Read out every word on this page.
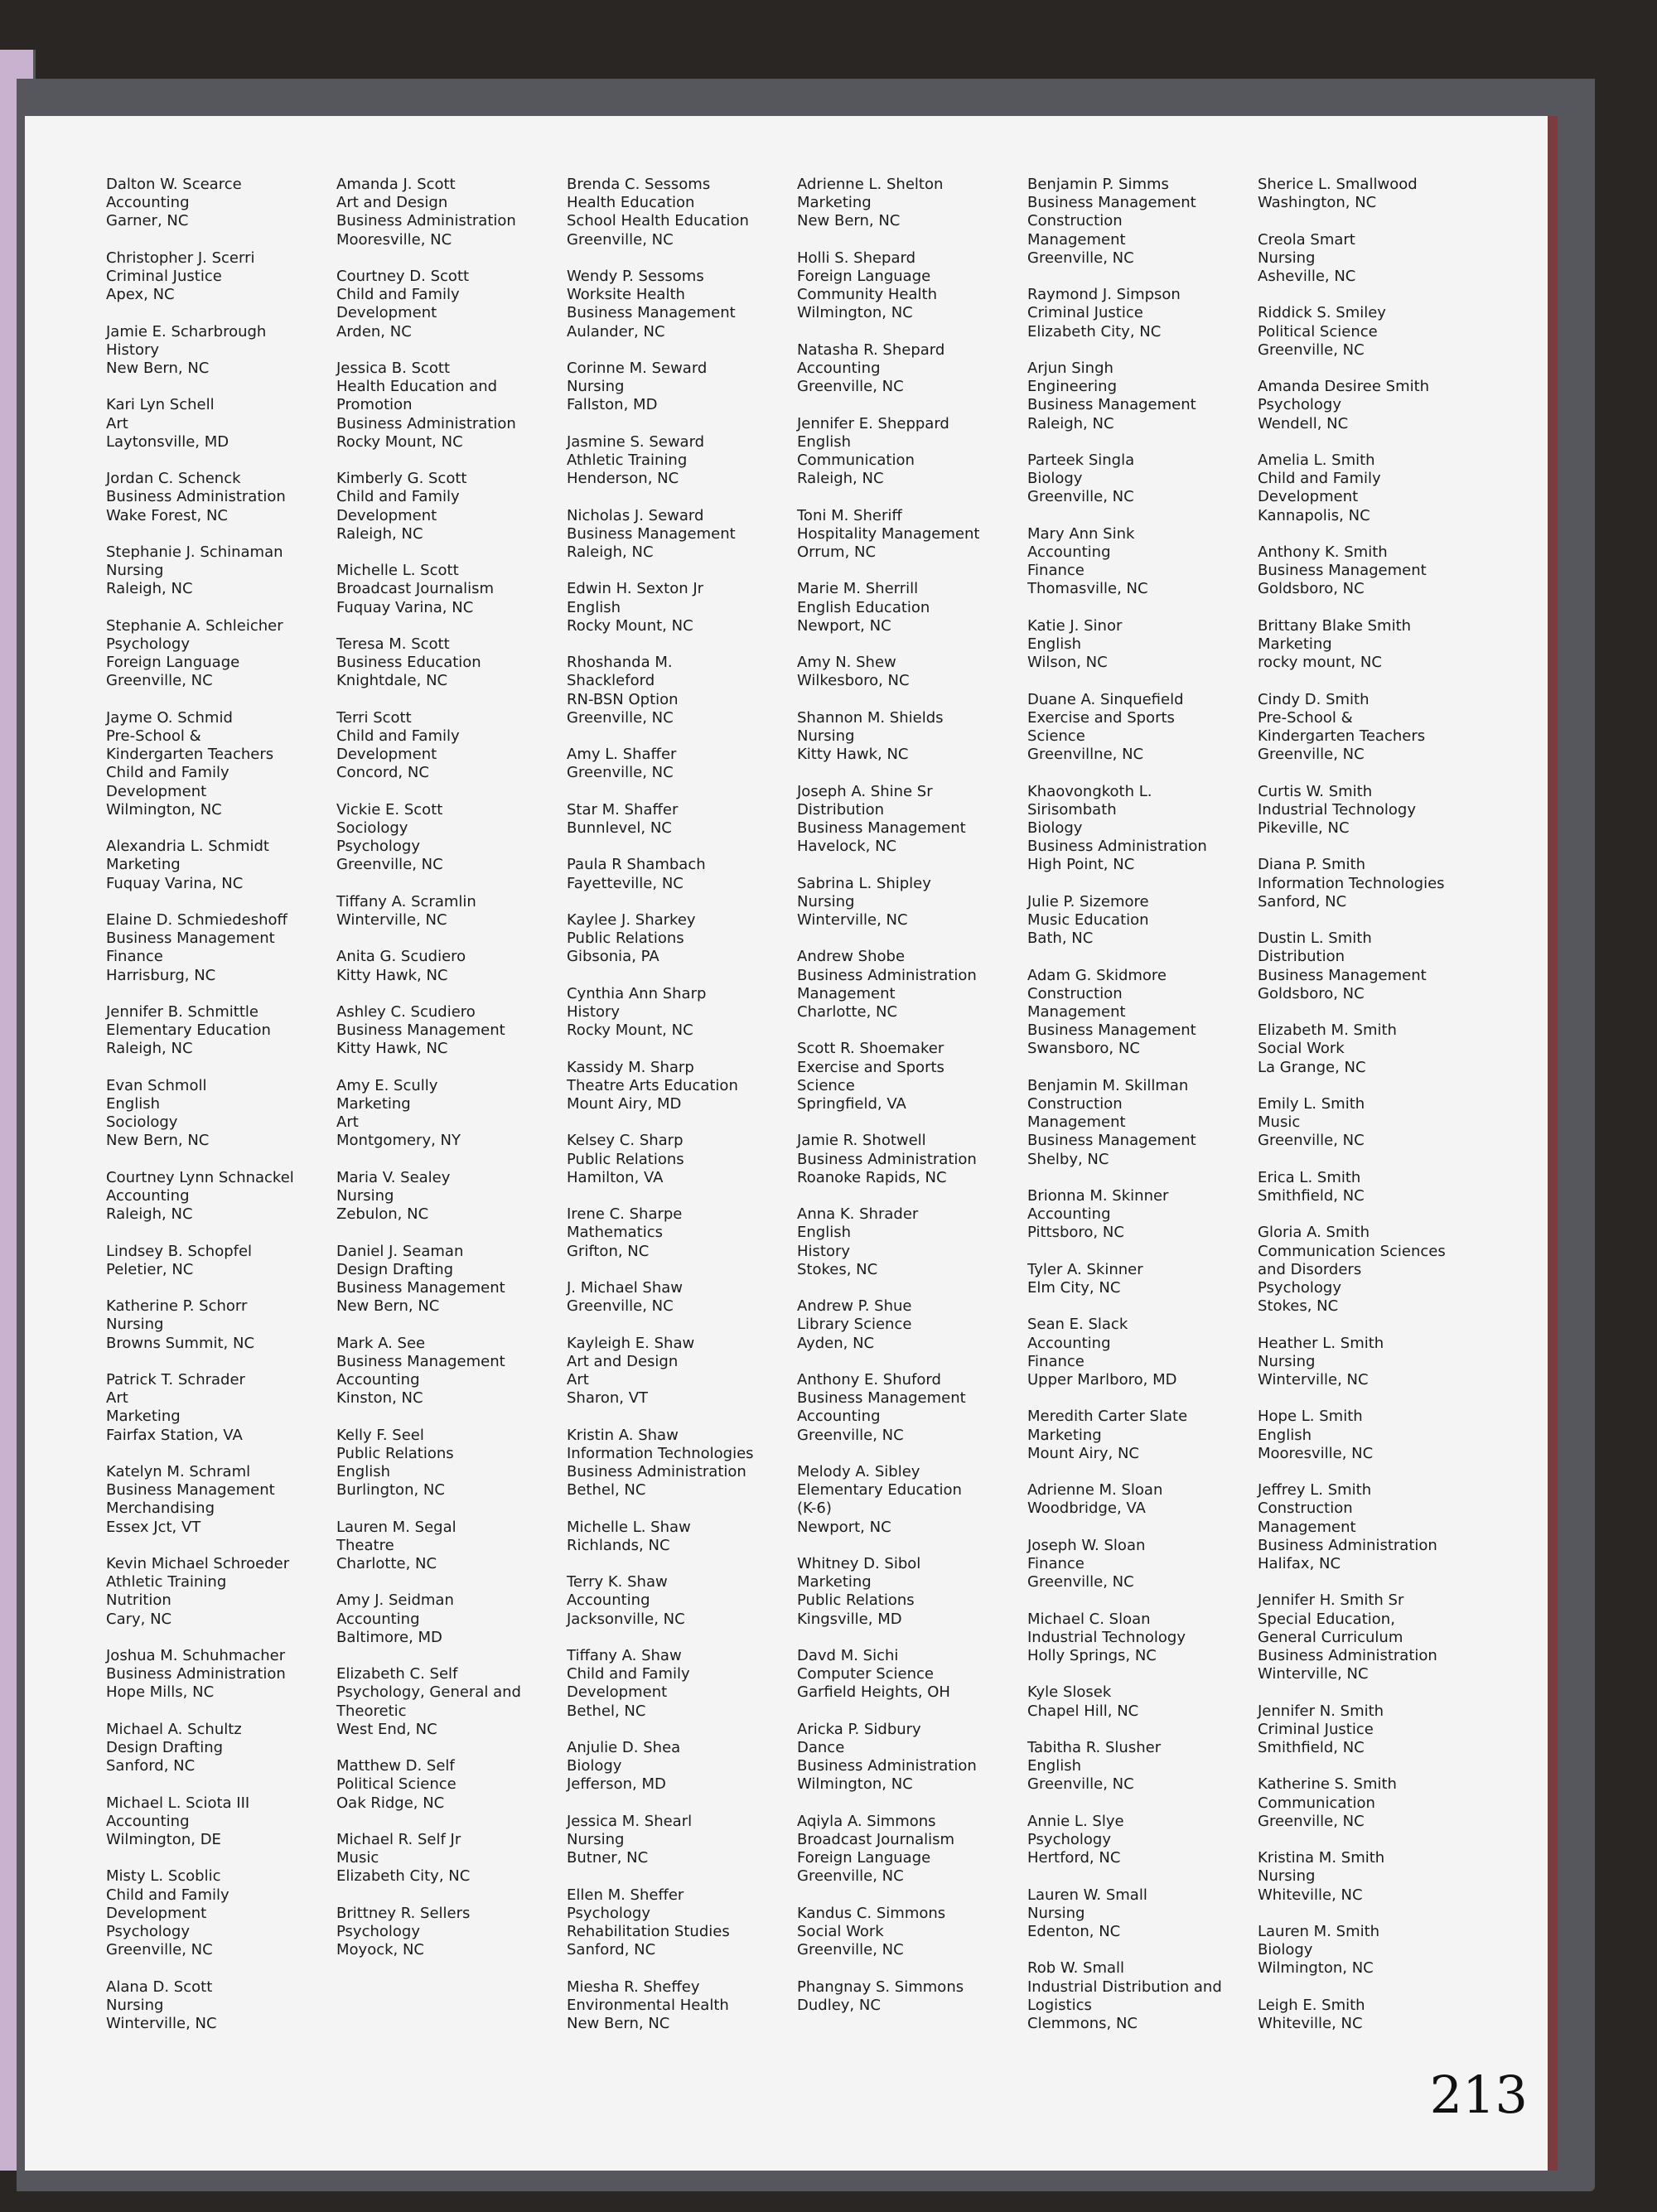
Dalton W. Scearce
Accounting
Garner, NC
Christopher J. Scerri
Criminal Justice
Apex, NC
Jamie E. Scharbrough
History
New Bern, NC
Kari Lyn Schell
Art
Laytonsville, MD
Jordan C. Schenck
Business Administration
Wake Forest, NC
Stephanie J. Schinaman
Nursing
Raleigh, NC
Stephanie A. Schleicher
Psychology
Foreign Language
Greenville, NC
Jayme O. Schmid
Pre-School &
Kindergarten Teachers
Child and Family
Development
Wilmington, NC
Alexandria L. Schmidt
Marketing
Fuquay Varina, NC
Elaine D. Schmiedeshoff
Business Management
Finance
Harrisburg, NC
Jennifer B. Schmittle
Elementary Education
Raleigh, NC
Evan Schmoll
English
Sociology
New Bern, NC
Courtney Lynn Schnackel
Accounting
Raleigh, NC
Lindsey B. Schopfel
Peletier, NC
Katherine P. Schorr
Nursing
Browns Summit, NC
Patrick T. Schrader
Art
Marketing
Fairfax Station, VA
Katelyn M. Schraml
Business Management
Merchandising
Essex Jct, VT
Kevin Michael Schroeder
Athletic Training
Nutrition
Cary, NC
Joshua M. Schuhmacher
Business Administration
Hope Mills, NC
Michael A. Schultz
Design Drafting
Sanford, NC
Michael L. Sciota III
Accounting
Wilmington, DE
Misty L. Scoblic
Child and Family
Development
Psychology
Greenville, NC
Alana D. Scott
Nursing
Winterville, NC
Amanda J. Scott
Art and Design
Business Administration
Mooresville, NC
Courtney D. Scott
Child and Family
Development
Arden, NC
Jessica B. Scott
Health Education and
Promotion
Business Administration
Rocky Mount, NC
Kimberly G. Scott
Child and Family
Development
Raleigh, NC
Michelle L. Scott
Broadcast Journalism
Fuquay Varina, NC
Teresa M. Scott
Business Education
Knightdale, NC
Terri Scott
Child and Family
Development
Concord, NC
Vickie E. Scott
Sociology
Psychology
Greenville, NC
Tiffany A. Scramlin
Winterville, NC
Anita G. Scudiero
Kitty Hawk, NC
Ashley C. Scudiero
Business Management
Kitty Hawk, NC
Amy E. Scully
Marketing
Art
Montgomery, NY
Maria V. Sealey
Nursing
Zebulon, NC
Daniel J. Seaman
Design Drafting
Business Management
New Bern, NC
Mark A. See
Business Management
Accounting
Kinston, NC
Kelly F. Seel
Public Relations
English
Burlington, NC
Lauren M. Segal
Theatre
Charlotte, NC
Amy J. Seidman
Accounting
Baltimore, MD
Elizabeth C. Self
Psychology, General and
Theoretic
West End, NC
Matthew D. Self
Political Science
Oak Ridge, NC
Michael R. Self Jr
Music
Elizabeth City, NC
Brittney R. Sellers
Psychology
Moyock, NC
Brenda C. Sessoms
Health Education
School Health Education
Greenville, NC
Wendy P. Sessoms
Worksite Health
Business Management
Aulander, NC
Corinne M. Seward
Nursing
Fallston, MD
Jasmine S. Seward
Athletic Training
Henderson, NC
Nicholas J. Seward
Business Management
Raleigh, NC
Edwin H. Sexton Jr
English
Rocky Mount, NC
Rhoshanda M.
Shackleford
RN-BSN Option
Greenville, NC
Amy L. Shaffer
Greenville, NC
Star M. Shaffer
Bunnlevel, NC
Paula R Shambach
Fayetteville, NC
Kaylee J. Sharkey
Public Relations
Gibsonia, PA
Cynthia Ann Sharp
History
Rocky Mount, NC
Kassidy M. Sharp
Theatre Arts Education
Mount Airy, MD
Kelsey C. Sharp
Public Relations
Hamilton, VA
Irene C. Sharpe
Mathematics
Grifton, NC
J. Michael Shaw
Greenville, NC
Kayleigh E. Shaw
Art and Design
Art
Sharon, VT
Kristin A. Shaw
Information Technologies
Business Administration
Bethel, NC
Michelle L. Shaw
Richlands, NC
Terry K. Shaw
Accounting
Jacksonville, NC
Tiffany A. Shaw
Child and Family
Development
Bethel, NC
Anjulie D. Shea
Biology
Jefferson, MD
Jessica M. Shearl
Nursing
Butner, NC
Ellen M. Sheffer
Psychology
Rehabilitation Studies
Sanford, NC
Miesha R. Sheffey
Environmental Health
New Bern, NC
Adrienne L. Shelton
Marketing
New Bern, NC
Holli S. Shepard
Foreign Language
Community Health
Wilmington, NC
Natasha R. Shepard
Accounting
Greenville, NC
Jennifer E. Sheppard
English
Communication
Raleigh, NC
Toni M. Sheriff
Hospitality Management
Orrum, NC
Marie M. Sherrill
English Education
Newport, NC
Amy N. Shew
Wilkesboro, NC
Shannon M. Shields
Nursing
Kitty Hawk, NC
Joseph A. Shine Sr
Distribution
Business Management
Havelock, NC
Sabrina L. Shipley
Nursing
Winterville, NC
Andrew Shobe
Business Administration
Management
Charlotte, NC
Scott R. Shoemaker
Exercise and Sports
Science
Springfield, VA
Jamie R. Shotwell
Business Administration
Roanoke Rapids, NC
Anna K. Shrader
English
History
Stokes, NC
Andrew P. Shue
Library Science
Ayden, NC
Anthony E. Shuford
Business Management
Accounting
Greenville, NC
Melody A. Sibley
Elementary Education
(K-6)
Newport, NC
Whitney D. Sibol
Marketing
Public Relations
Kingsville, MD
Davd M. Sichi
Computer Science
Garfield Heights, OH
Aricka P. Sidbury
Dance
Business Administration
Wilmington, NC
Aqiyla A. Simmons
Broadcast Journalism
Foreign Language
Greenville, NC
Kandus C. Simmons
Social Work
Greenville, NC
Phangnay S. Simmons
Dudley, NC
Benjamin P. Simms
Business Management
Construction
Management
Greenville, NC
Raymond J. Simpson
Criminal Justice
Elizabeth City, NC
Arjun Singh
Engineering
Business Management
Raleigh, NC
Parteek Singla
Biology
Greenville, NC
Mary Ann Sink
Accounting
Finance
Thomasville, NC
Katie J. Sinor
English
Wilson, NC
Duane A. Sinquefield
Exercise and Sports
Science
Greenvillne, NC
Khaovongkoth L.
Sirisombath
Biology
Business Administration
High Point, NC
Julie P. Sizemore
Music Education
Bath, NC
Adam G. Skidmore
Construction
Management
Business Management
Swansboro, NC
Benjamin M. Skillman
Construction
Management
Business Management
Shelby, NC
Brionna M. Skinner
Accounting
Pittsboro, NC
Tyler A. Skinner
Elm City, NC
Sean E. Slack
Accounting
Finance
Upper Marlboro, MD
Meredith Carter Slate
Marketing
Mount Airy, NC
Adrienne M. Sloan
Woodbridge, VA
Joseph W. Sloan
Finance
Greenville, NC
Michael C. Sloan
Industrial Technology
Holly Springs, NC
Kyle Slosek
Chapel Hill, NC
Tabitha R. Slusher
English
Greenville, NC
Annie L. Slye
Psychology
Hertford, NC
Lauren W. Small
Nursing
Edenton, NC
Rob W. Small
Industrial Distribution and
Logistics
Clemmons, NC
Sherice L. Smallwood
Washington, NC
Creola Smart
Nursing
Asheville, NC
Riddick S. Smiley
Political Science
Greenville, NC
Amanda Desiree Smith
Psychology
Wendell, NC
Amelia L. Smith
Child and Family
Development
Kannapolis, NC
Anthony K. Smith
Business Management
Goldsboro, NC
Brittany Blake Smith
Marketing
rocky mount, NC
Cindy D. Smith
Pre-School &
Kindergarten Teachers
Greenville, NC
Curtis W. Smith
Industrial Technology
Pikeville, NC
Diana P. Smith
Information Technologies
Sanford, NC
Dustin L. Smith
Distribution
Business Management
Goldsboro, NC
Elizabeth M. Smith
Social Work
La Grange, NC
Emily L. Smith
Music
Greenville, NC
Erica L. Smith
Smithfield, NC
Gloria A. Smith
Communication Sciences
and Disorders
Psychology
Stokes, NC
Heather L. Smith
Nursing
Winterville, NC
Hope L. Smith
English
Mooresville, NC
Jeffrey L. Smith
Construction
Management
Business Administration
Halifax, NC
Jennifer H. Smith Sr
Special Education,
General Curriculum
Business Administration
Winterville, NC
Jennifer N. Smith
Criminal Justice
Smithfield, NC
Katherine S. Smith
Communication
Greenville, NC
Kristina M. Smith
Nursing
Whiteville, NC
Lauren M. Smith
Biology
Wilmington, NC
Leigh E. Smith
Whiteville, NC
213
